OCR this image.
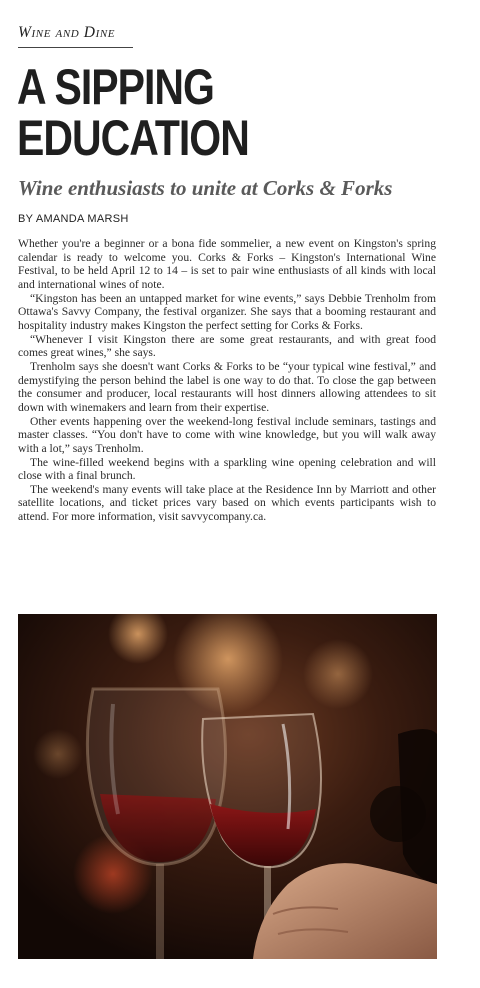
Wine and Dine
A SIPPING
EDUCATION
Wine enthusiasts to unite at Corks & Forks
BY AMANDA MARSH

Whether you're a beginner or a bona fide sommelier, a new event on Kingston's spring calendar is ready to welcome you. Corks & Forks – Kingston's International Wine Festival, to be held April 12 to 14 – is set to pair wine enthusiasts of all kinds with local and international wines of note.

“Kingston has been an untapped market for wine events,” says Debbie Trenholm from Ottawa's Savvy Company, the festival organizer. She says that a booming restaurant and hospitality industry makes Kingston the perfect setting for Corks & Forks.

“Whenever I visit Kingston there are some great restaurants, and with great food comes great wines,” she says.

Trenholm says she doesn't want Corks & Forks to be “your typical wine festival,” and demystifying the person behind the label is one way to do that. To close the gap between the consumer and producer, local restaurants will host dinners allowing attendees to sit down with winemakers and learn from their expertise.

Other events happening over the weekend-long festival include seminars, tastings and master classes. “You don't have to come with wine knowledge, but you will walk away with a lot,” says Trenholm.

The wine-filled weekend begins with a sparkling wine opening celebration and will close with a final brunch.

The weekend's many events will take place at the Residence Inn by Marriott and other satellite locations, and ticket prices vary based on which events participants wish to attend. For more information, visit savvycompany.ca.
